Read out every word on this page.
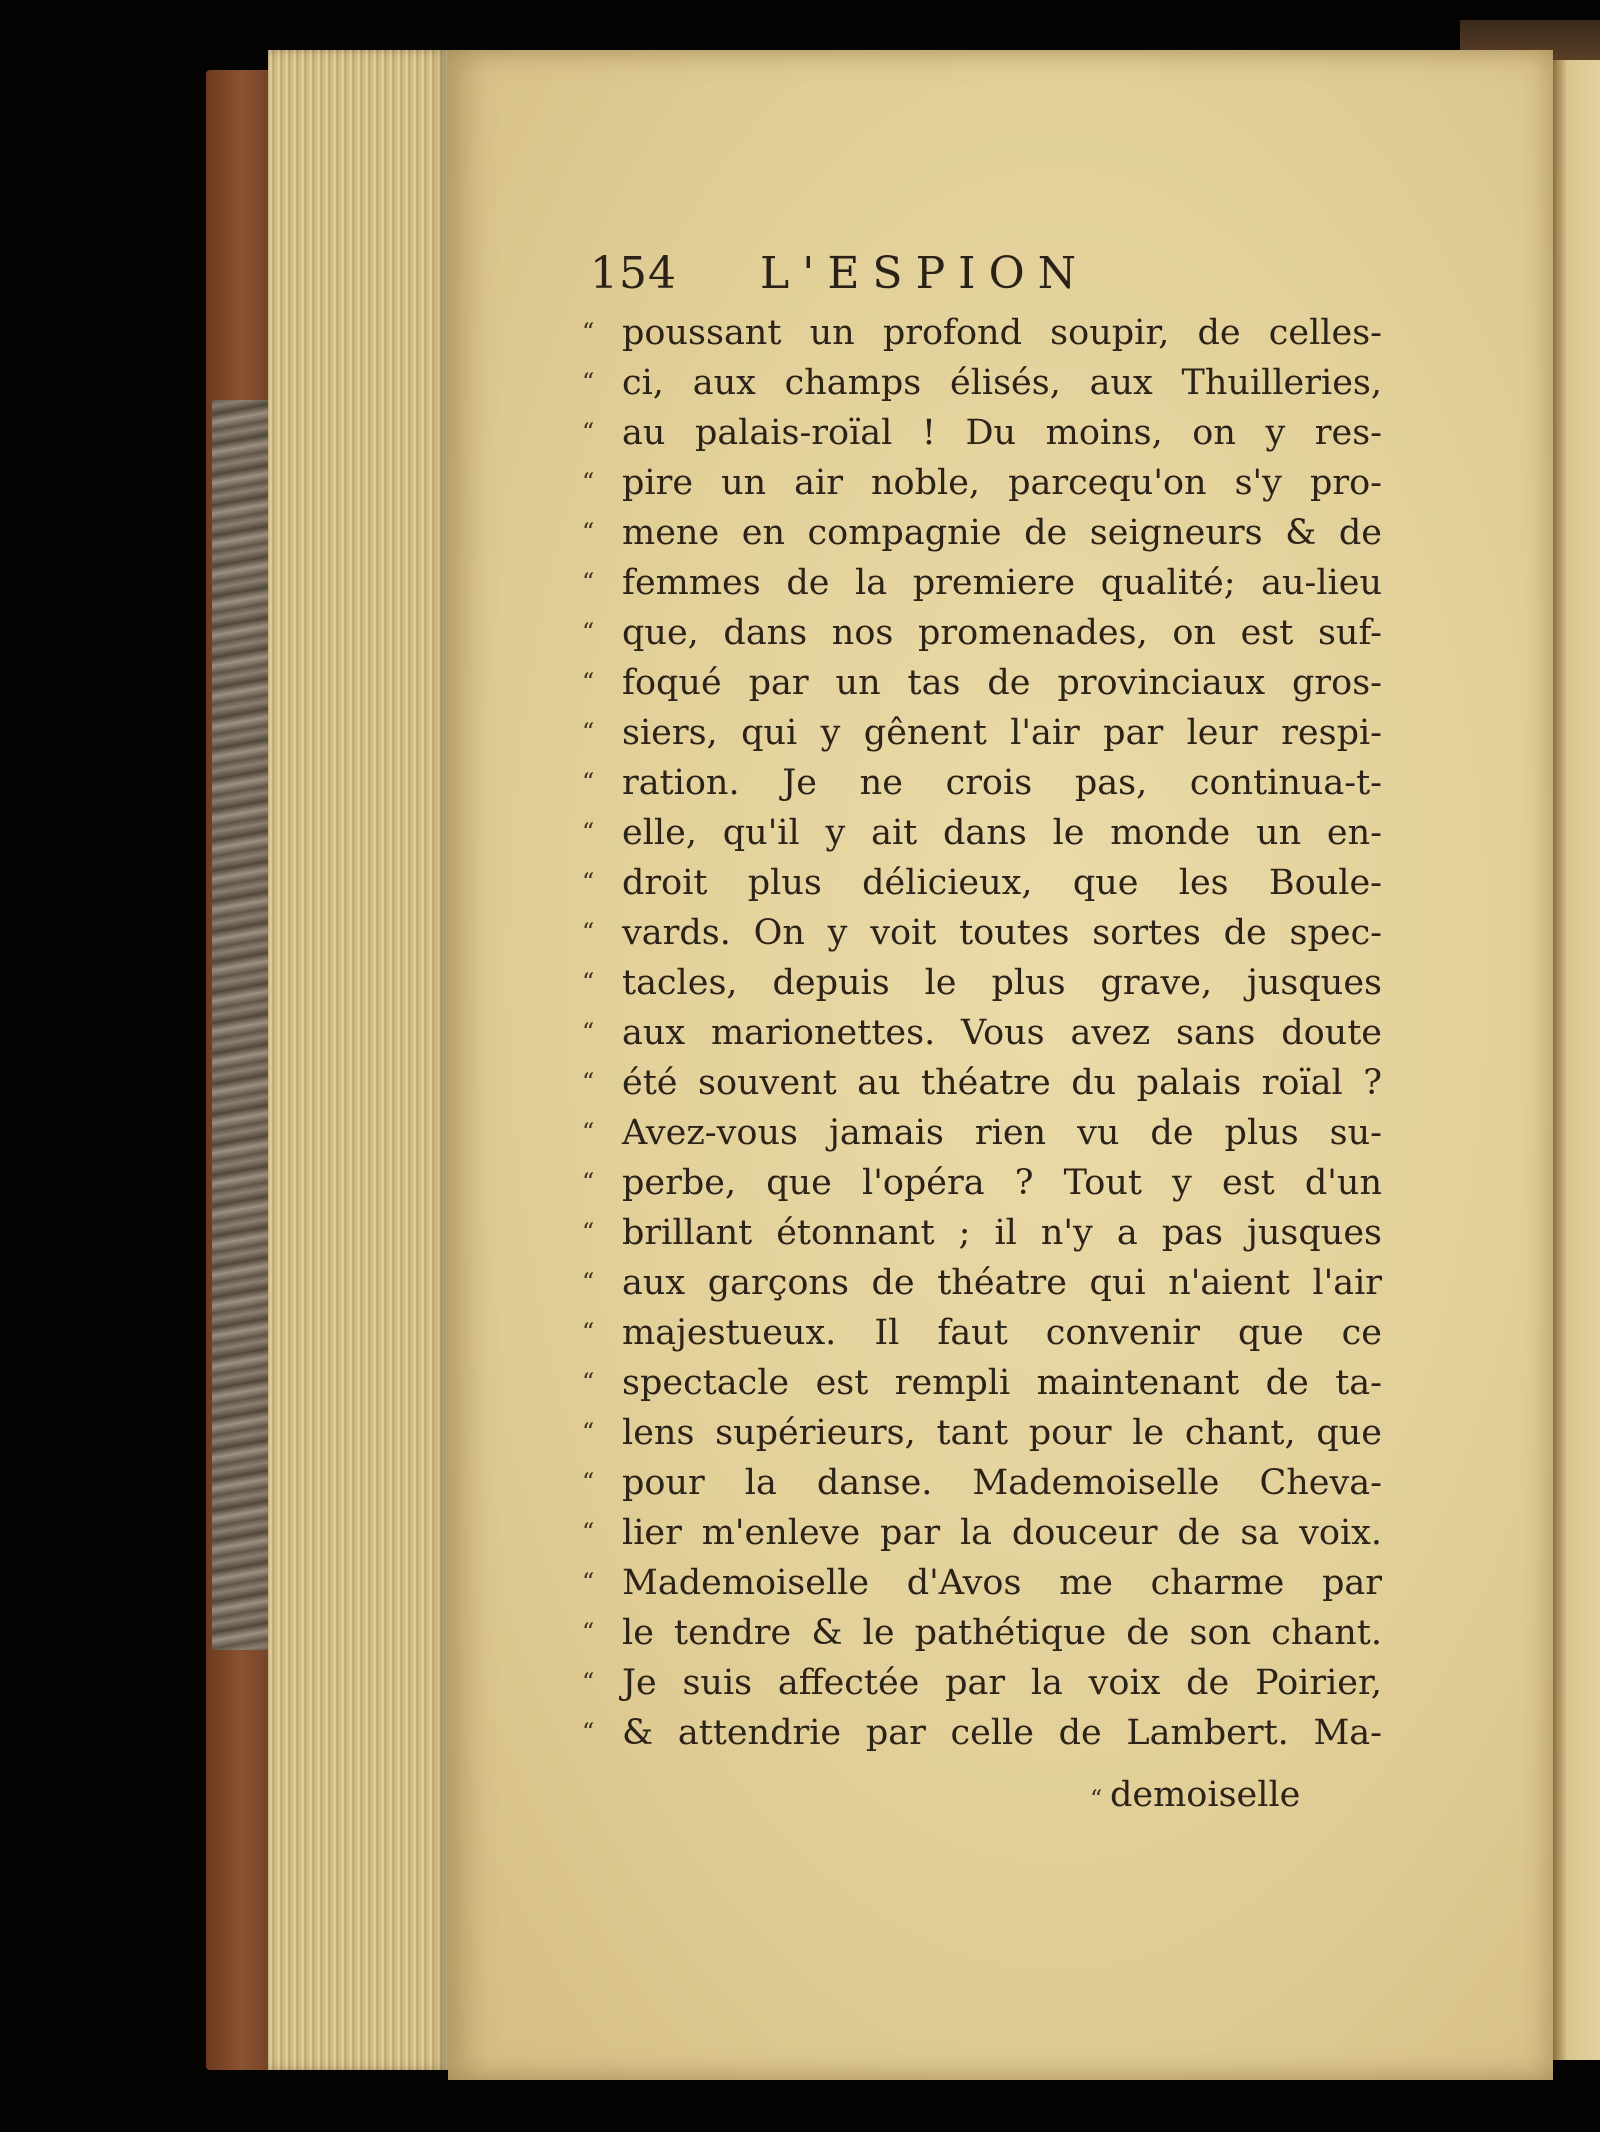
154 L'ESPION
“ poussant un profond soupir, de celles-
“ ci, aux champs élisés, aux Thuilleries,
“ au palais-roïal ! Du moins, on y res-
“ pire un air noble, parcequ'on s'y pro-
“ mene en compagnie de seigneurs & de
“ femmes de la premiere qualité; au-lieu
“ que, dans nos promenades, on est suf-
“ foqué par un tas de provinciaux gros-
“ siers, qui y gênent l'air par leur respi-
“ ration. Je ne crois pas, continua-t-
“ elle, qu'il y ait dans le monde un en-
“ droit plus délicieux, que les Boule-
“ vards. On y voit toutes sortes de spec-
“ tacles, depuis le plus grave, jusques
“ aux marionettes. Vous avez sans doute
“ été souvent au théatre du palais roïal ?
“ Avez-vous jamais rien vu de plus su-
“ perbe, que l'opéra ? Tout y est d'un
“ brillant étonnant ; il n'y a pas jusques
“ aux garçons de théatre qui n'aient l'air
“ majestueux. Il faut convenir que ce
“ spectacle est rempli maintenant de ta-
“ lens supérieurs, tant pour le chant, que
“ pour la danse. Mademoiselle Cheva-
“ lier m'enleve par la douceur de sa voix.
“ Mademoiselle d'Avos me charme par
“ le tendre & le pathétique de son chant.
“ Je suis affectée par la voix de Poirier,
“ & attendrie par celle de Lambert. Ma-
“ demoiselle
